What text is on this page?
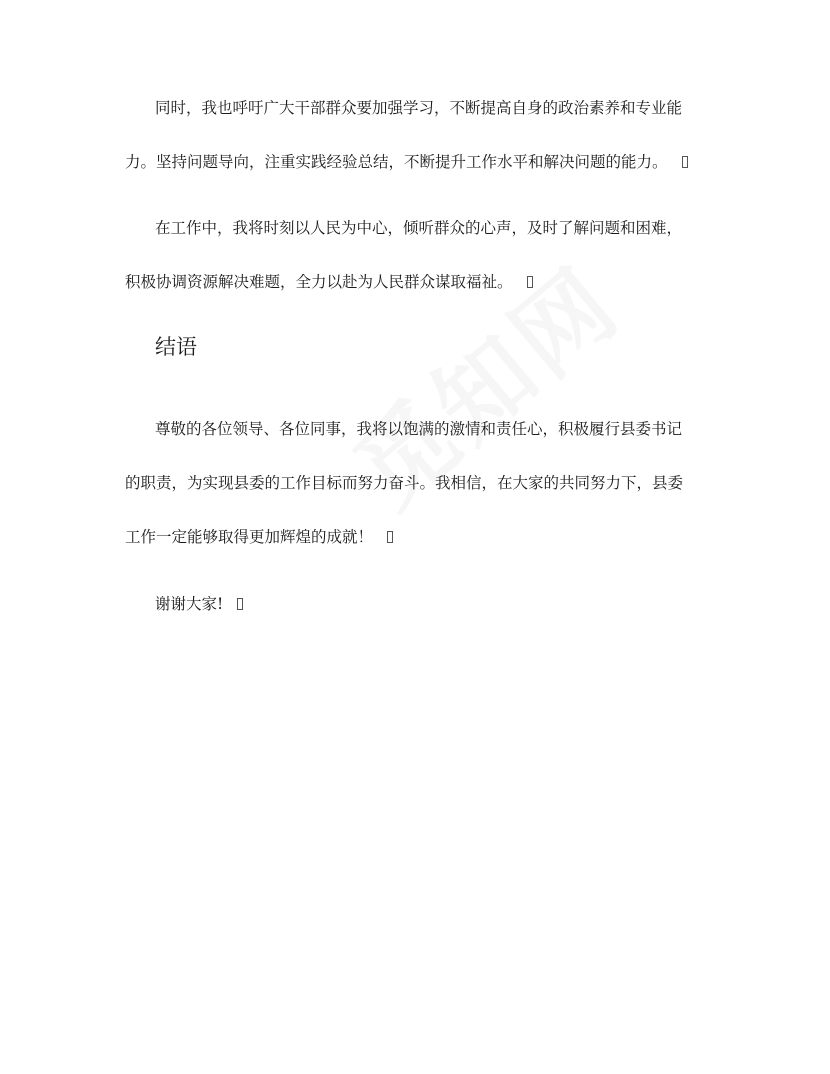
同时，我也呼吁广大干部群众要加强学习，不断提高自身的政治素养和专业能
力。坚持问题导向，注重实践经验总结，不断提升工作水平和解决问题的能力。
在工作中，我将时刻以人民为中心，倾听群众的心声，及时了解问题和困难，
积极协调资源解决难题，全力以赴为人民群众谋取福祉。
结语
尊敬的各位领导、各位同事，我将以饱满的激情和责任心，积极履行县委书记
的职责，为实现县委的工作目标而努力奋斗。我相信，在大家的共同努力下，县委
工作一定能够取得更加辉煌的成就！
谢谢大家!
